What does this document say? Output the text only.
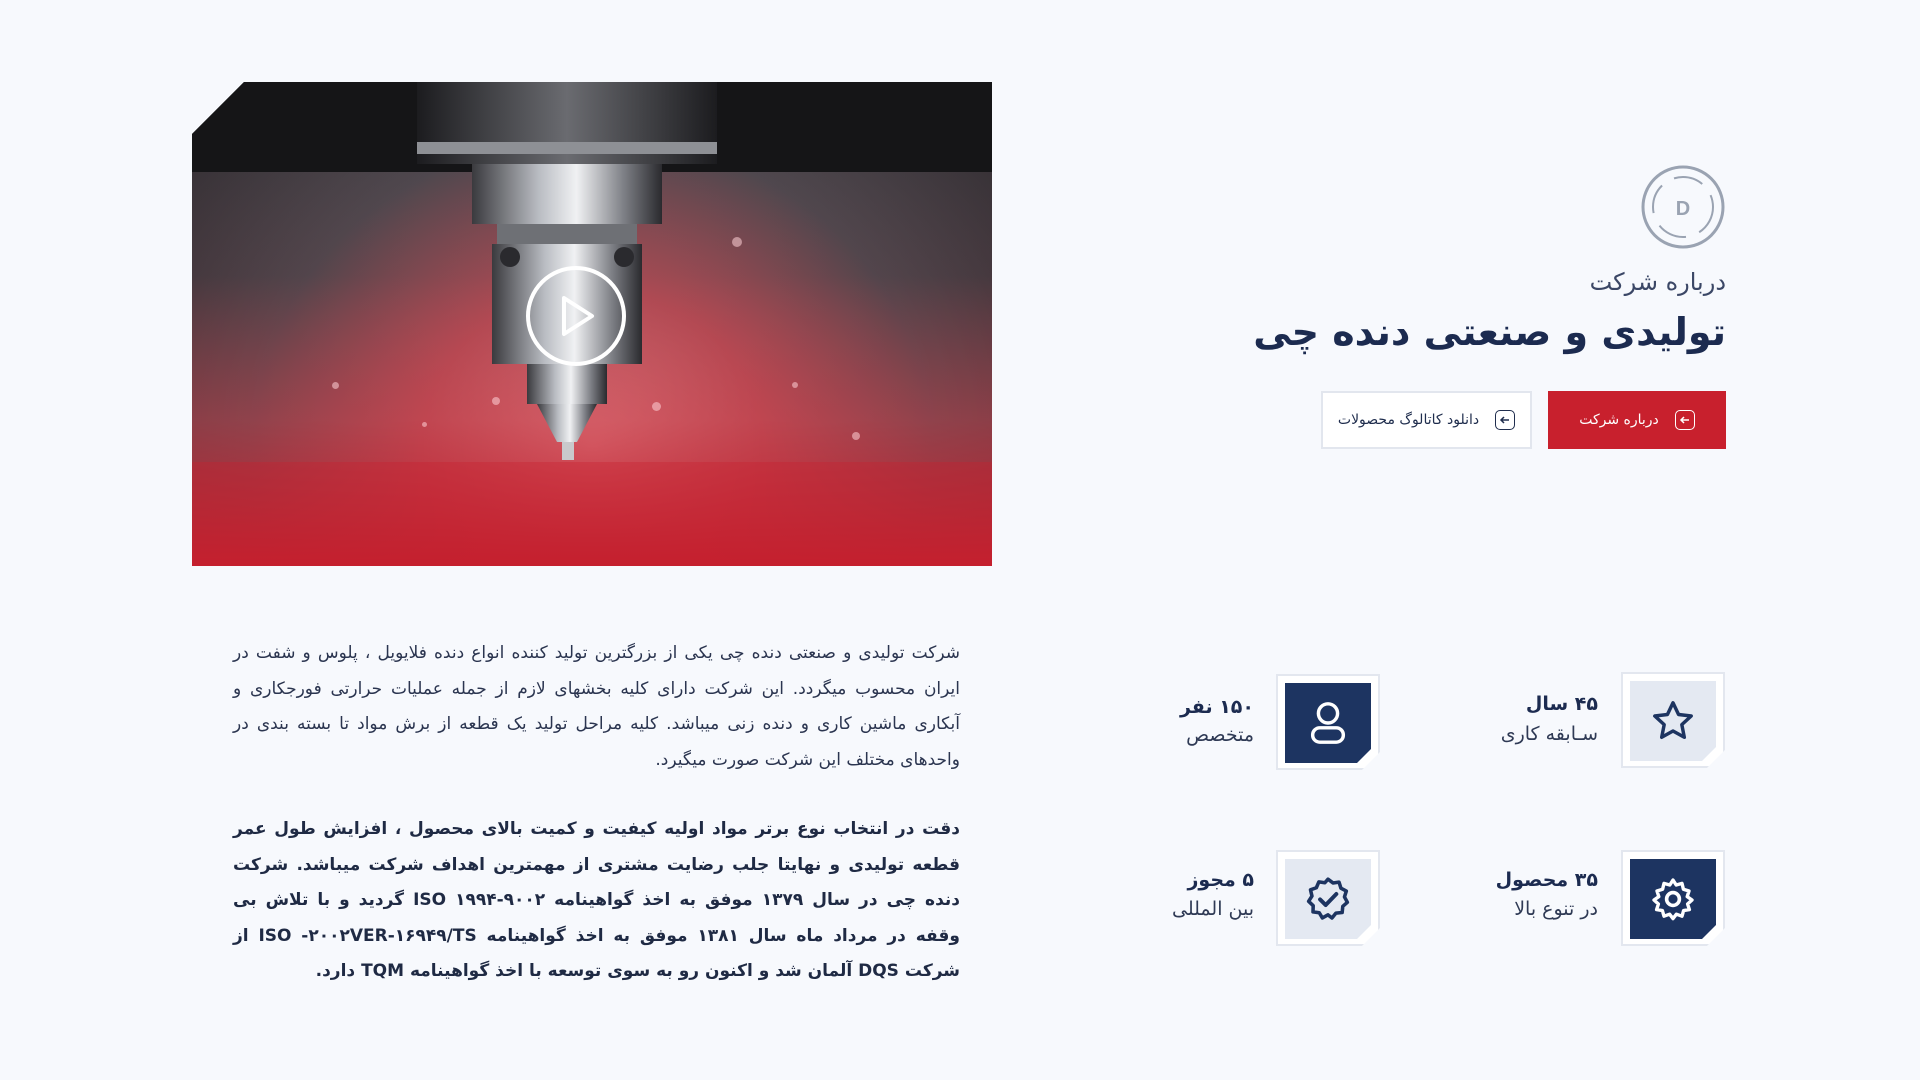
D
درباره شرکت
تولیدی و صنعتی دنده چی
درباره شرکت
دانلود کاتالوگ محصولات

شرکت تولیدی و صنعتی دنده چی یکی از بزرگترین تولید کننده انواع دنده فلایویل ، پلوس و شفت در ایران محسوب میگردد. این شرکت دارای کلیه بخشهای لازم از جمله عملیات حرارتی فورجکاری و آبکاری ماشین کاری و دنده زنی میباشد. کلیه مراحل تولید یک قطعه از برش مواد تا بسته بندی در واحدهای مختلف این شرکت صورت میگیرد.

دقت در انتخاب نوع برتر مواد اولیه کیفیت و کمیت بالای محصول ، افزایش طول عمر قطعه تولیدی و نهایتا جلب رضایت مشتری از مهمترین اهداف شرکت میباشد. شرکت دنده چی در سال ۱۳۷۹ موفق به اخذ گواهینامه ISO ۱۹۹۴-۹۰۰۲ گردید و با تلاش بی وقفه در مرداد ماه سال ۱۳۸۱ موفق به اخذ گواهینامه ISO -۲۰۰۲VER-۱۶۹۴۹/TS از شرکت DQS آلمان شد و اکنون رو به سوی توسعه با اخذ گواهینامه TQM دارد.

۴۵ سال
سـابقه کاری
۱۵۰ نفر
متخصص
۳۵ محصول
در تنوع بالا
۵ مجوز
بین المللی
